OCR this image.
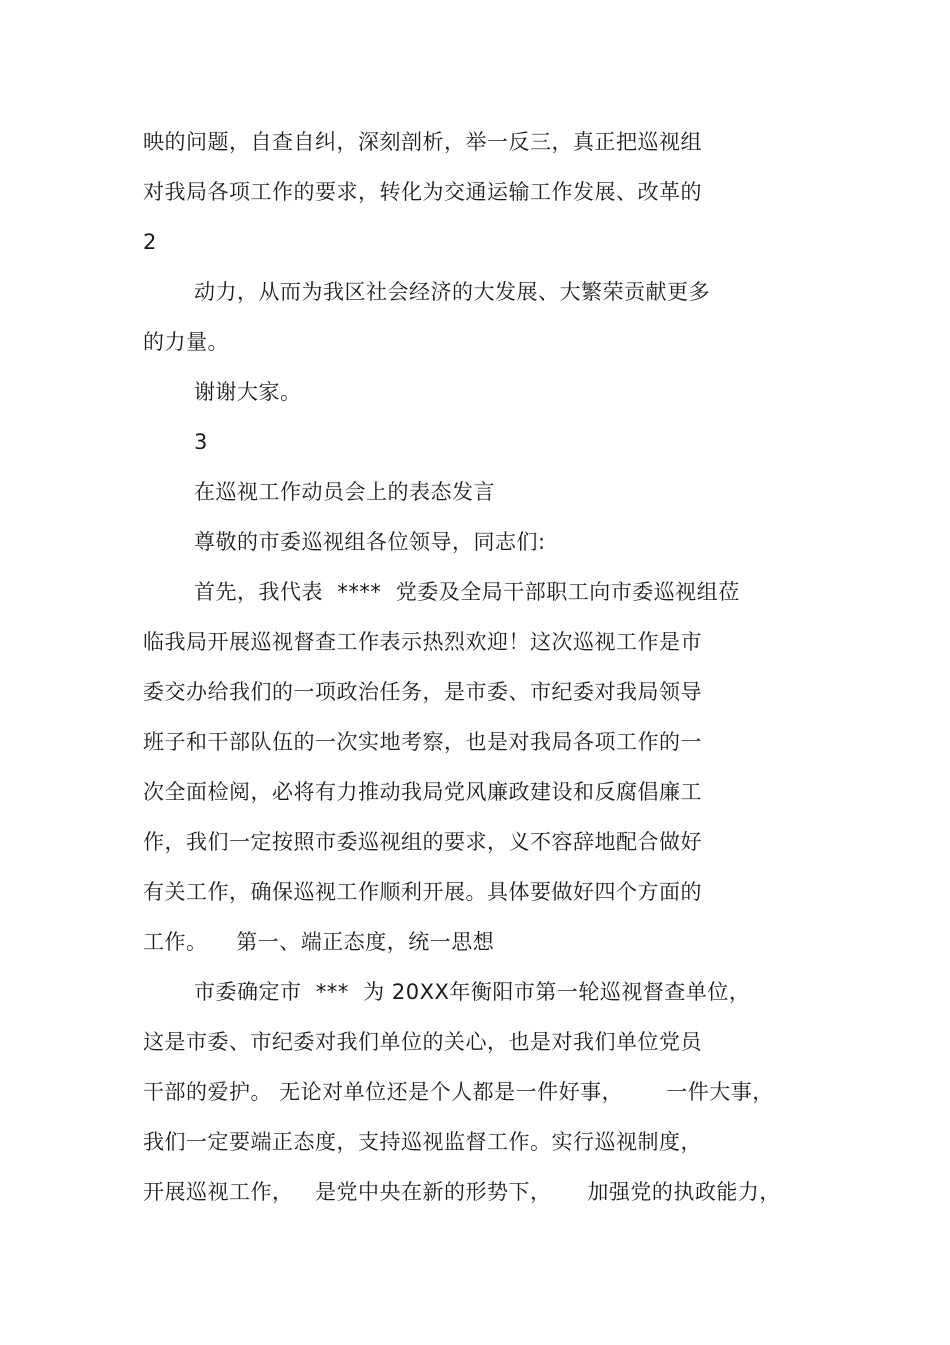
映的问题，自查自纠，深刻剖析，举一反三，真正把巡视组
对我局各项工作的要求，转化为交通运输工作发展、改革的
2
动力，从而为我区社会经济的大发展、大繁荣贡献更多
的力量。
谢谢大家。
3
在巡视工作动员会上的表态发言
尊敬的市委巡视组各位领导，同志们:
首先，我代表  ****  党委及全局干部职工向市委巡视组莅
临我局开展巡视督查工作表示热烈欢迎！这次巡视工作是市
委交办给我们的一项政治任务，是市委、市纪委对我局领导
班子和干部队伍的一次实地考察，也是对我局各项工作的一
次全面检阅，必将有力推动我局党风廉政建设和反腐倡廉工
作，我们一定按照市委巡视组的要求，义不容辞地配合做好
有关工作，确保巡视工作顺利开展。具体要做好四个方面的
工作。    第一、端正态度，统一思想
市委确定市  ***  为 20XX年衡阳市第一轮巡视督查单位，
这是市委、市纪委对我们单位的关心，也是对我们单位党员
干部的爱护。 无论对单位还是个人都是一件好事，      一件大事，
我们一定要端正态度，支持巡视监督工作。实行巡视制度，
开展巡视工作，   是党中央在新的形势下，     加强党的执政能力，
